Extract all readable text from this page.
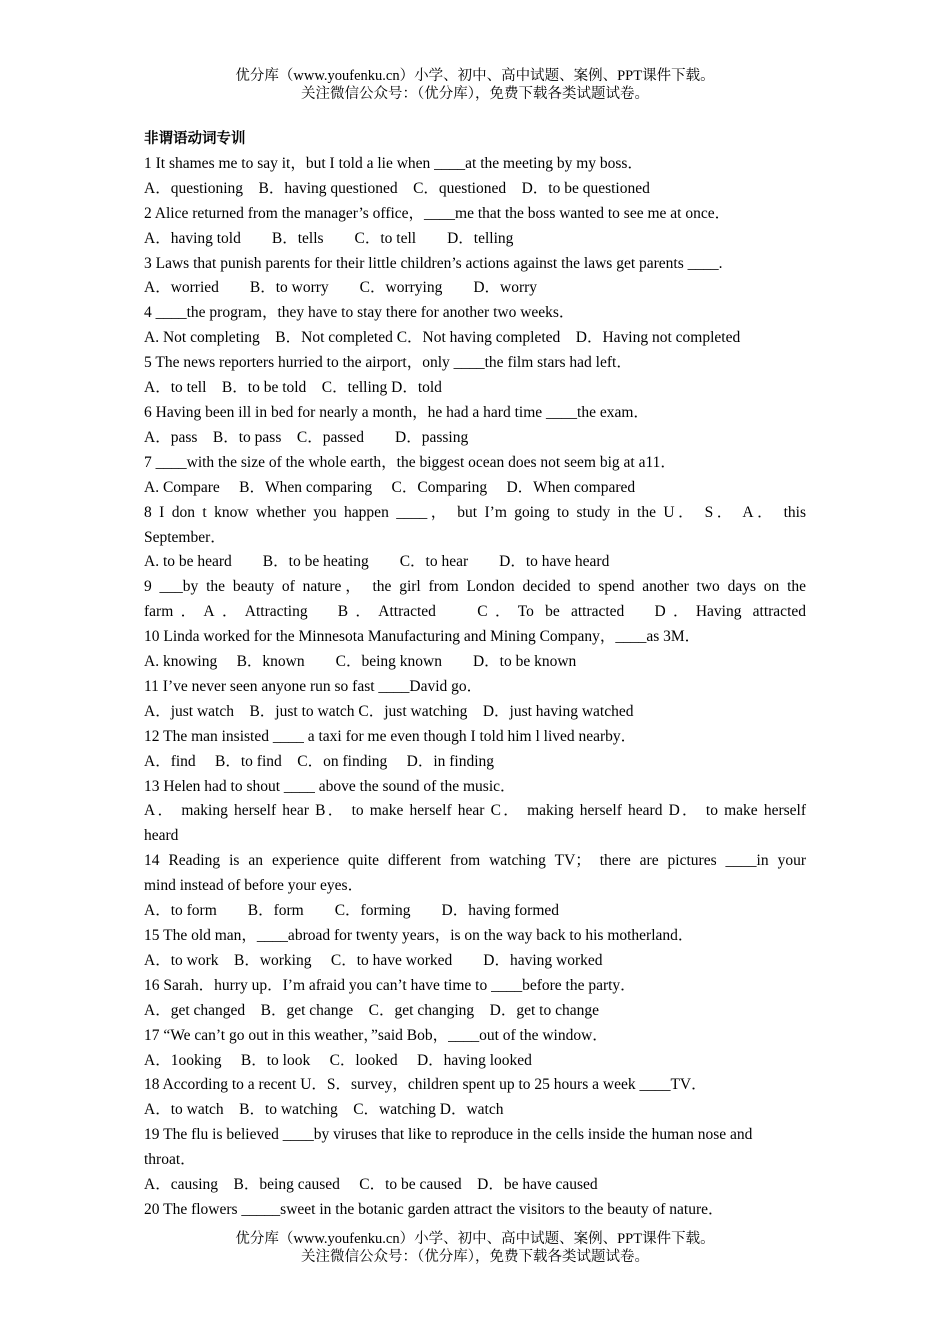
优分库（www.youfenku.cn）小学、初中、高中试题、案例、PPT课件下载。
关注微信公众号：（优分库），免费下载各类试题试卷。
非谓语动词专训
1 It shames me to say it，but I told a lie when ____at the meeting by my boss．
A．questioning　B．having questioned　C．questioned　D．to be questioned
2 Alice returned from the manager’s office，____me that the boss wanted to see me at once．
A．having told　　B．tells　　C．to tell　　D．telling
3 Laws that punish parents for their little children’s actions against the laws get parents ____.
A．worried　　B．to worry　　C．worrying　　D．worry
4 ____the program，they have to stay there for another two weeks．
A. Not completing　B．Not completed C．Not having completed　D．Having not completed
5 The news reporters hurried to the airport，only ____the film stars had left．
A．to tell　B．to be told　C．telling D．told
6 Having been ill in bed for nearly a month，he had a hard time ____the exam．
A．pass　B．to pass　C．passed　　D．passing
7 ____with the size of the whole earth，the biggest ocean does not seem big at a11．
A. Compare　 B．When comparing　 C．Comparing　 D．When compared
8 I don t know whether you happen ____， but I’m going to study in the U． S． A． this
September．
A. to be heard　　B．to be heating　　C．to hear　　D．to have heard
9 ___by the beauty of nature， the girl from London decided to spend another two days on the
farm．A．Attracting　B．Attracted　 C．To be attracted　D．Having attracted
10 Linda worked for the Minnesota Manufacturing and Mining Company，____as 3M．
A. knowing　 B．known　　C．being known　　D．to be known
11 I’ve never seen anyone run so fast ____David go．
A．just watch　B．just to watch C．just watching　D．just having watched
12 The man insisted ____ a taxi for me even though I told him l lived nearby．
A．find　 B．to find　C．on finding　 D．in finding
13 Helen had to shout ____ above the sound of the music．
A． making herself hear B． to make herself hear C． making herself heard D． to make herself
heard
14 Reading is an experience quite different from watching TV； there are pictures ____in your
mind instead of before your eyes．
A．to form　　B．form　　C．forming　　D．having formed
15 The old man，____abroad for twenty years，is on the way back to his motherland．
A．to work　B．working　 C．to have worked　　D．having worked
16 Sarah．hurry up．I’m afraid you can’t have time to ____before the party．
A．get changed　B．get change　C．get changing　D．get to change
17 “We can’t go out in this weather，”said Bob，____out of the window．
A．1ooking　 B．to look　 C．looked　 D．having looked
18 According to a recent U．S．survey，children spent up to 25 hours a week ____TV．
A．to watch　B．to watching　C．watching D．watch
19 The flu is believed ____by viruses that like to reproduce in the cells inside the human nose and
throat．
A．causing　B．being caused　 C．to be caused　D．be have caused
20 The flowers _____sweet in the botanic garden attract the visitors to the beauty of nature．
优分库（www.youfenku.cn）小学、初中、高中试题、案例、PPT课件下载。
关注微信公众号：（优分库），免费下载各类试题试卷。
